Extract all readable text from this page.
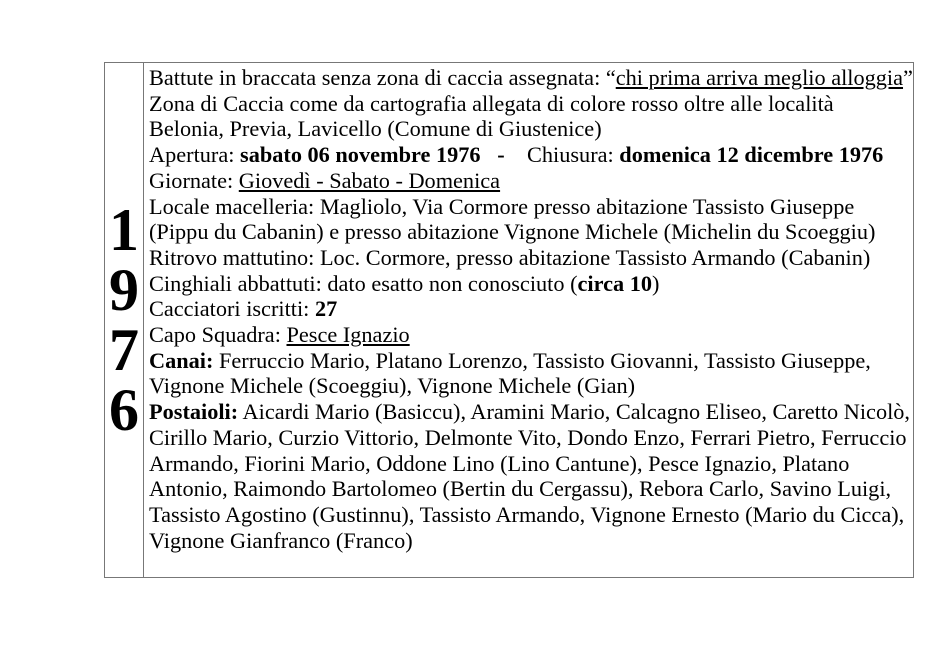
1
9
7
6
Battute in braccata senza zona di caccia assegnata: “chi prima arriva meglio alloggia”
Zona di Caccia come da cartografia allegata di colore rosso oltre alle località
Belonia, Previa, Lavicello (Comune di Giustenice)
Apertura: sabato 06 novembre 1976 - Chiusura: domenica 12 dicembre 1976
Giornate: Giovedì - Sabato - Domenica
Locale macelleria: Magliolo, Via Cormore presso abitazione Tassisto Giuseppe
(Pippu du Cabanin) e presso abitazione Vignone Michele (Michelin du Scoeggiu)
Ritrovo mattutino: Loc. Cormore, presso abitazione Tassisto Armando (Cabanin)
Cinghiali abbattuti: dato esatto non conosciuto (circa 10)
Cacciatori iscritti: 27
Capo Squadra: Pesce Ignazio
Canai: Ferruccio Mario, Platano Lorenzo, Tassisto Giovanni, Tassisto Giuseppe,
Vignone Michele (Scoeggiu), Vignone Michele (Gian)
Postaioli: Aicardi Mario (Basiccu), Aramini Mario, Calcagno Eliseo, Caretto Nicolò,
Cirillo Mario, Curzio Vittorio, Delmonte Vito, Dondo Enzo, Ferrari Pietro, Ferruccio
Armando, Fiorini Mario, Oddone Lino (Lino Cantune), Pesce Ignazio, Platano
Antonio, Raimondo Bartolomeo (Bertin du Cergassu), Rebora Carlo, Savino Luigi,
Tassisto Agostino (Gustinnu), Tassisto Armando, Vignone Ernesto (Mario du Cicca),
Vignone Gianfranco (Franco)
